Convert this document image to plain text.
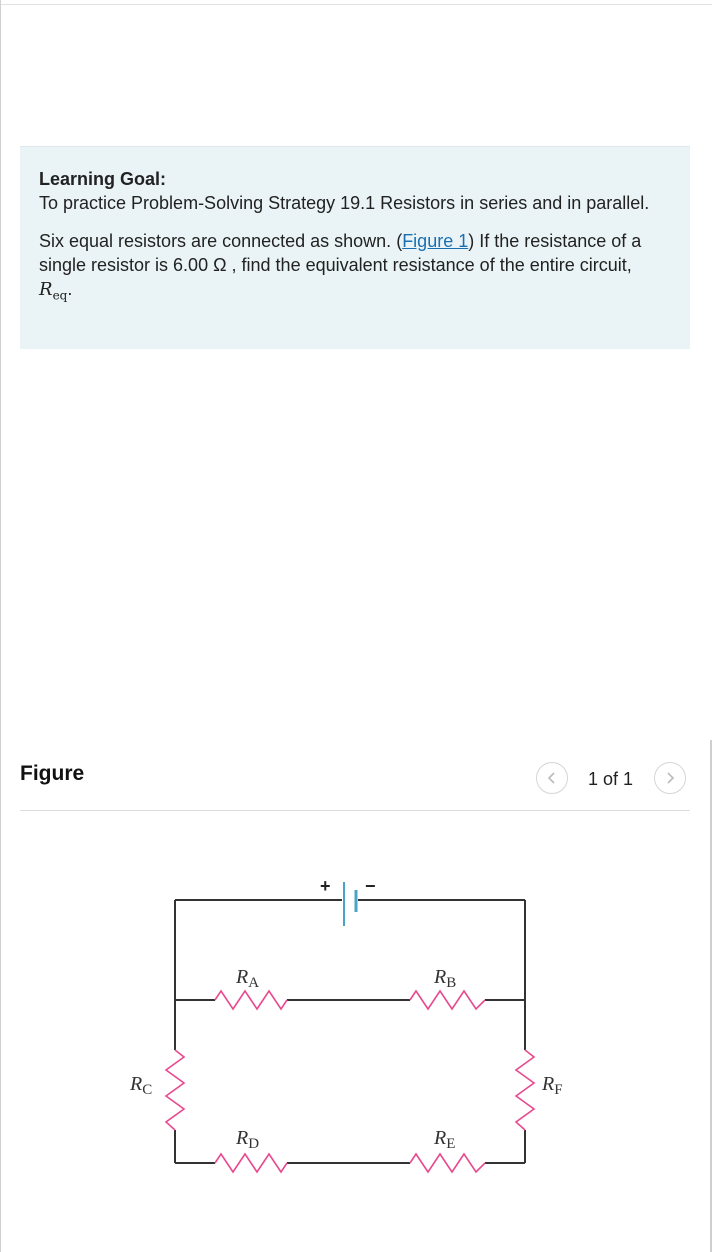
Learning Goal:
To practice Problem-Solving Strategy 19.1 Resistors in series and in parallel.
Six equal resistors are connected as shown. (Figure 1) If the resistance of a single resistor is 6.00 Ω , find the equivalent resistance of the entire circuit, $R_{eq}$.
Figure	1 of 1
+ −
RA	RB
RC
RD	RE
RF
